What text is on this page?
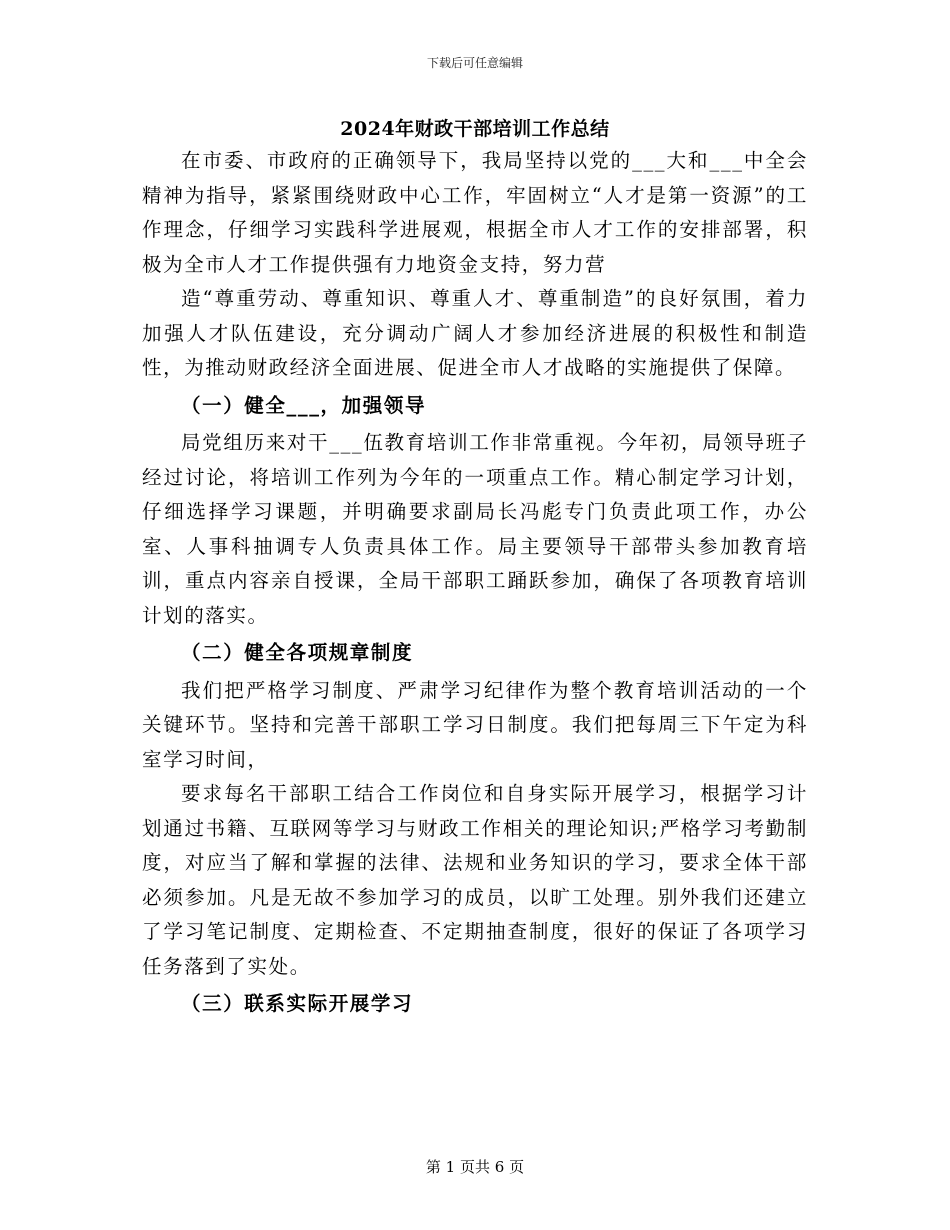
下载后可任意编辑
2024年财政干部培训工作总结

在市委、市政府的正确领导下，我局坚持以党的___大和___中全会精神为指导，紧紧围绕财政中心工作，牢固树立“人才是第一资源”的工作理念，仔细学习实践科学进展观，根据全市人才工作的安排部署，积极为全市人才工作提供强有力地资金支持，努力营

造“尊重劳动、尊重知识、尊重人才、尊重制造”的良好氛围，着力加强人才队伍建设，充分调动广阔人才参加经济进展的积极性和制造性，为推动财政经济全面进展、促进全市人才战略的实施提供了保障。

（一）健全___，加强领导

局党组历来对干___伍教育培训工作非常重视。今年初，局领导班子经过讨论，将培训工作列为今年的一项重点工作。精心制定学习计划，仔细选择学习课题，并明确要求副局长冯彪专门负责此项工作，办公室、人事科抽调专人负责具体工作。局主要领导干部带头参加教育培训，重点内容亲自授课，全局干部职工踊跃参加，确保了各项教育培训计划的落实。

（二）健全各项规章制度

我们把严格学习制度、严肃学习纪律作为整个教育培训活动的一个关键环节。坚持和完善干部职工学习日制度。我们把每周三下午定为科室学习时间，

要求每名干部职工结合工作岗位和自身实际开展学习，根据学习计划通过书籍、互联网等学习与财政工作相关的理论知识;严格学习考勤制度，对应当了解和掌握的法律、法规和业务知识的学习，要求全体干部必须参加。凡是无故不参加学习的成员，以旷工处理。别外我们还建立了学习笔记制度、定期检查、不定期抽查制度，很好的保证了各项学习任务落到了实处。

（三）联系实际开展学习

第 1 页共 6 页
